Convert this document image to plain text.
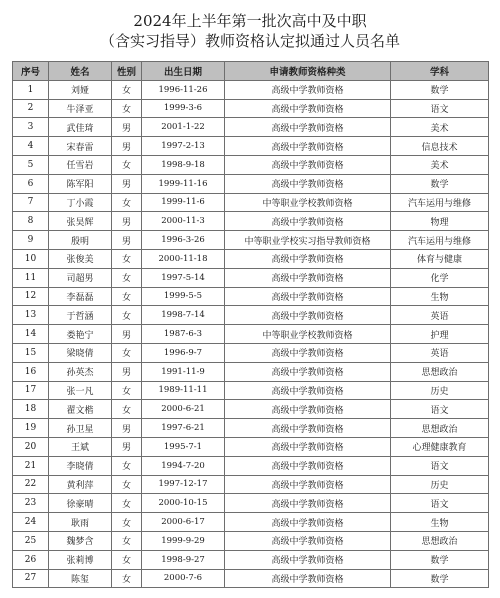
2024年上半年第一批次高中及中职
（含实习指导）教师资格认定拟通过人员名单
序号	姓名	性别	出生日期	申请教师资格种类	学科
1	刘娅	女	1996-11-26	高级中学教师资格	数学
2	牛泽亚	女	1999-3-6	高级中学教师资格	语文
3	武佳琦	男	2001-1-22	高级中学教师资格	美术
4	宋春雷	男	1997-2-13	高级中学教师资格	信息技术
5	任雪岩	女	1998-9-18	高级中学教师资格	美术
6	陈军阳	男	1999-11-16	高级中学教师资格	数学
7	丁小霞	女	1999-11-6	中等职业学校教师资格	汽车运用与维修
8	张昊辉	男	2000-11-3	高级中学教师资格	物理
9	殷明	男	1996-3-26	中等职业学校实习指导教师资格	汽车运用与维修
10	张俊美	女	2000-11-18	高级中学教师资格	体育与健康
11	司超男	女	1997-5-14	高级中学教师资格	化学
12	李磊磊	女	1999-5-5	高级中学教师资格	生物
13	于哲涵	女	1998-7-14	高级中学教师资格	英语
14	娄艳宁	男	1987-6-3	中等职业学校教师资格	护理
15	梁晓倩	女	1996-9-7	高级中学教师资格	英语
16	孙英杰	男	1991-11-9	高级中学教师资格	思想政治
17	张一凡	女	1989-11-11	高级中学教师资格	历史
18	翟文楷	女	2000-6-21	高级中学教师资格	语文
19	孙卫星	男	1997-6-21	高级中学教师资格	思想政治
20	王斌	男	1995-7-1	高级中学教师资格	心理健康教育
21	李晓倩	女	1994-7-20	高级中学教师资格	语文
22	黄利萍	女	1997-12-17	高级中学教师资格	历史
23	徐豪晴	女	2000-10-15	高级中学教师资格	语文
24	耿雨	女	2000-6-17	高级中学教师资格	生物
25	魏梦含	女	1999-9-29	高级中学教师资格	思想政治
26	张莉博	女	1998-9-27	高级中学教师资格	数学
27	陈玺	女	2000-7-6	高级中学教师资格	数学
